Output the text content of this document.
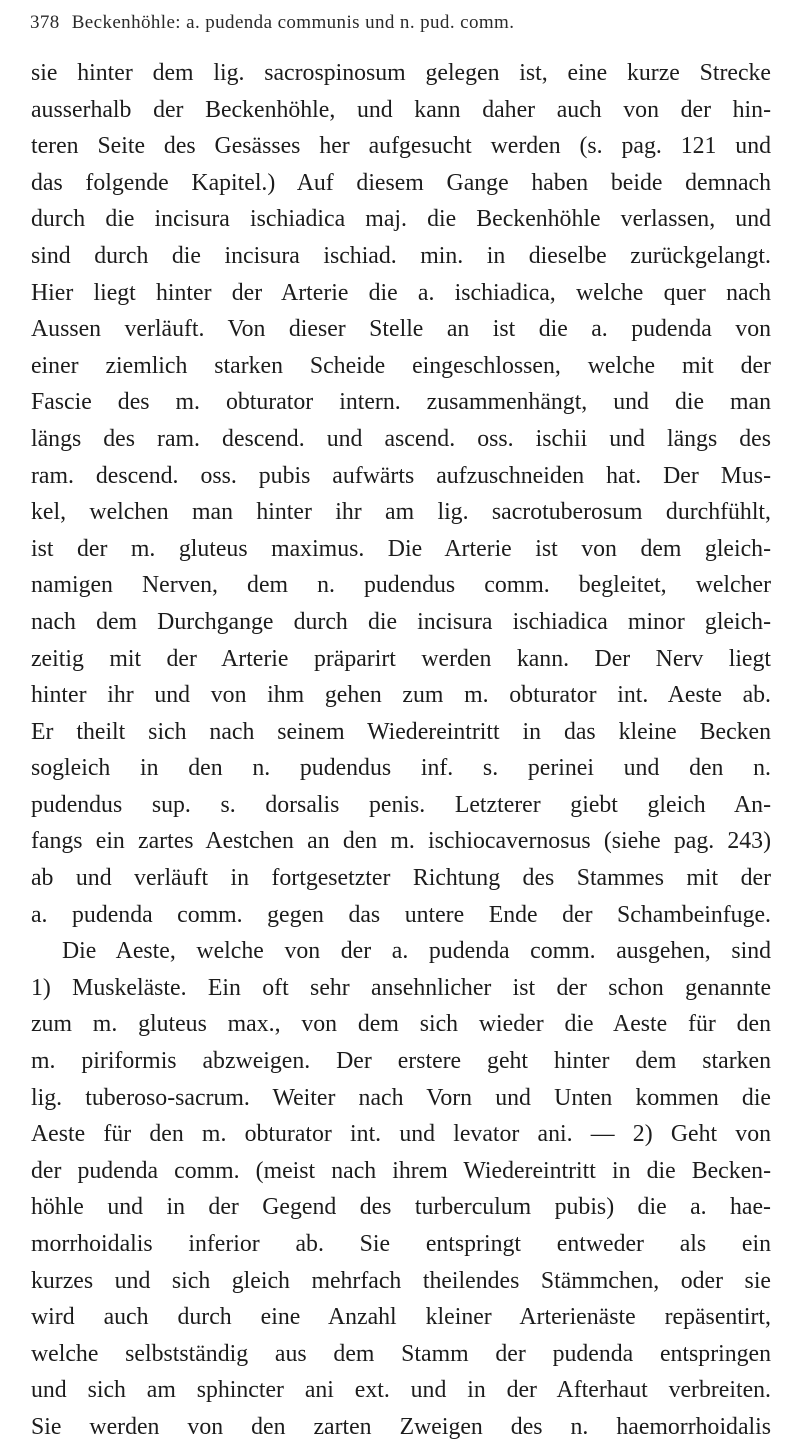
378 Beckenhöhle: a. pudenda communis und n. pud. comm.
sie hinter dem lig. sacrospinosum gelegen ist, eine kurze Strecke
ausserhalb der Beckenhöhle, und kann daher auch von der hin-
teren Seite des Gesässes her aufgesucht werden (s. pag. 121 und
das folgende Kapitel.) Auf diesem Gange haben beide demnach
durch die incisura ischiadica maj. die Beckenhöhle verlassen, und
sind durch die incisura ischiad. min. in dieselbe zurückgelangt.
Hier liegt hinter der Arterie die a. ischiadica, welche quer nach
Aussen verläuft. Von dieser Stelle an ist die a. pudenda von
einer ziemlich starken Scheide eingeschlossen, welche mit der
Fascie des m. obturator intern. zusammenhängt, und die man
längs des ram. descend. und ascend. oss. ischii und längs des
ram. descend. oss. pubis aufwärts aufzuschneiden hat. Der Mus-
kel, welchen man hinter ihr am lig. sacrotuberosum durchfühlt,
ist der m. gluteus maximus. Die Arterie ist von dem gleich-
namigen Nerven, dem n. pudendus comm. begleitet, welcher
nach dem Durchgange durch die incisura ischiadica minor gleich-
zeitig mit der Arterie präparirt werden kann. Der Nerv liegt
hinter ihr und von ihm gehen zum m. obturator int. Aeste ab.
Er theilt sich nach seinem Wiedereintritt in das kleine Becken
sogleich in den n. pudendus inf. s. perinei und den n.
pudendus sup. s. dorsalis penis. Letzterer giebt gleich An-
fangs ein zartes Aestchen an den m. ischiocavernosus (siehe pag. 243)
ab und verläuft in fortgesetzter Richtung des Stammes mit der
a. pudenda comm. gegen das untere Ende der Schambeinfuge.
Die Aeste, welche von der a. pudenda comm. ausgehen, sind
1) Muskeläste. Ein oft sehr ansehnlicher ist der schon genannte
zum m. gluteus max., von dem sich wieder die Aeste für den
m. piriformis abzweigen. Der erstere geht hinter dem starken
lig. tuberoso-sacrum. Weiter nach Vorn und Unten kommen die
Aeste für den m. obturator int. und levator ani. — 2) Geht von
der pudenda comm. (meist nach ihrem Wiedereintritt in die Becken-
höhle und in der Gegend des turberculum pubis) die a. hae-
morrhoidalis inferior ab. Sie entspringt entweder als ein
kurzes und sich gleich mehrfach theilendes Stämmchen, oder sie
wird auch durch eine Anzahl kleiner Arterienäste repäsentirt,
welche selbstständig aus dem Stamm der pudenda entspringen
und sich am sphincter ani ext. und in der Afterhaut verbreiten.
Sie werden von den zarten Zweigen des n. haemorrhoidalis
